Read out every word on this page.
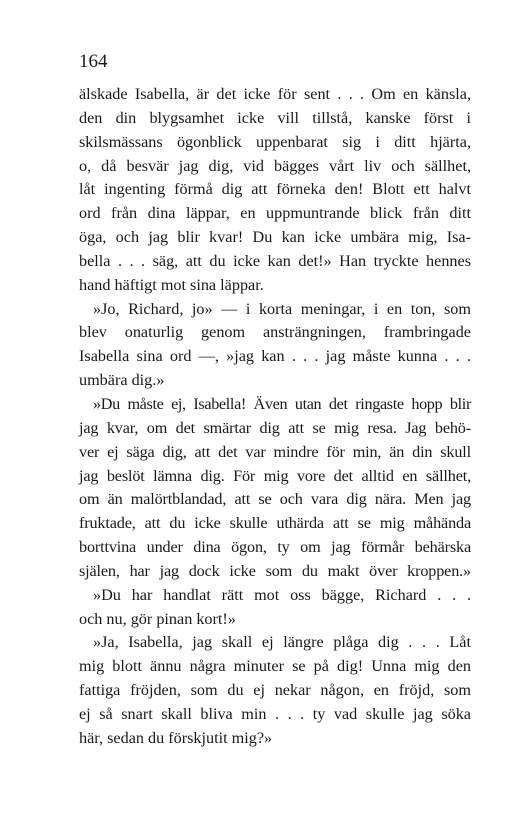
164

älskade Isabella, är det icke för sent . . . Om en känsla,
den din blygsamhet icke vill tillstå, kanske först i
skilsmässans ögonblick uppenbarat sig i ditt hjärta,
o, då besvär jag dig, vid bägges vårt liv och sällhet,
låt ingenting förmå dig att förneka den! Blott ett halvt
ord från dina läppar, en uppmuntrande blick från ditt
öga, och jag blir kvar! Du kan icke umbära mig, Isa-
bella . . . säg, att du icke kan det!» Han tryckte hennes
hand häftigt mot sina läppar.
»Jo, Richard, jo» — i korta meningar, i en ton, som
blev onaturlig genom ansträngningen, frambringade
Isabella sina ord —, »jag kan . . . jag måste kunna . . .
umbära dig.»
»Du måste ej, Isabella! Även utan det ringaste hopp blir
jag kvar, om det smärtar dig att se mig resa. Jag behö-
ver ej säga dig, att det var mindre för min, än din skull
jag beslöt lämna dig. För mig vore det alltid en sällhet,
om än malörtblandad, att se och vara dig nära. Men jag
fruktade, att du icke skulle uthärda att se mig måhända
borttvina under dina ögon, ty om jag förmår behärska
själen, har jag dock icke som du makt över kroppen.»
»Du har handlat rätt mot oss bägge, Richard . . .
och nu, gör pinan kort!»
»Ja, Isabella, jag skall ej längre plåga dig . . . Låt
mig blott ännu några minuter se på dig! Unna mig den
fattiga fröjden, som du ej nekar någon, en fröjd, som
ej så snart skall bliva min . . . ty vad skulle jag söka
här, sedan du förskjutit mig?»
